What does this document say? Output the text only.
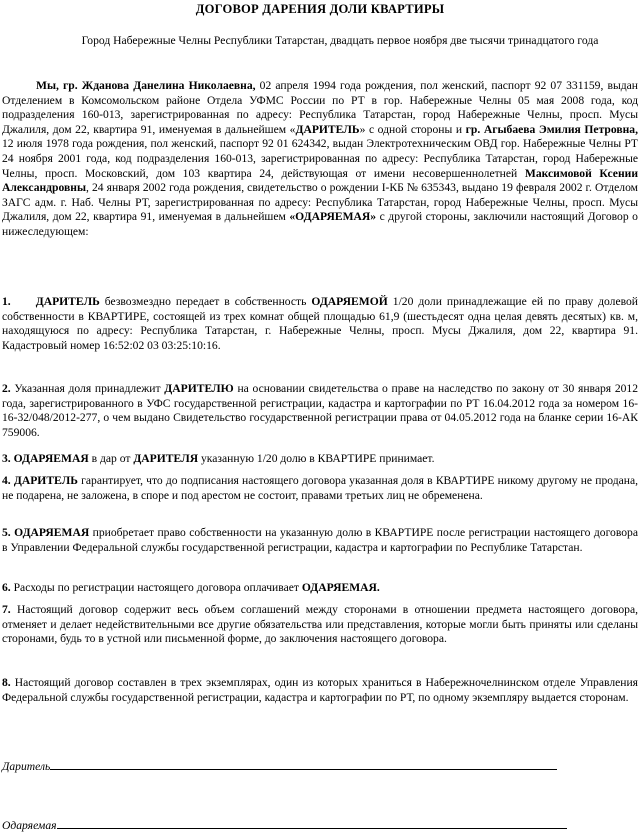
ДОГОВОР ДАРЕНИЯ ДОЛИ КВАРТИРЫ
Город Набережные Челны Республики Татарстан, двадцать первое ноября две тысячи тринадцатого года
Мы, гр. Жданова Данелина Николаевна, 02 апреля 1994 года рождения, пол женский, паспорт 92 07 331159, выдан Отделением в Комсомольском районе Отдела УФМС России по РТ в гор. Набережные Челны 05 мая 2008 года, код подразделения 160-013, зарегистрированная по адресу: Республика Татарстан, город Набережные Челны, просп. Мусы Джалиля, дом 22, квартира 91, именуемая в дальнейшем «ДАРИТЕЛЬ» с одной стороны и гр. Агыбаева Эмилия Петровна, 12 июля 1978 года рождения, пол женский, паспорт 92 01 624342, выдан Электротехническим ОВД гор. Набережные Челны РТ 24 ноября 2001 года, код подразделения 160-013, зарегистрированная по адресу: Республика Татарстан, город Набережные Челны, просп. Московский, дом 103 квартира 24, действующая от имени несовершеннолетней Максимовой Ксении Александровны, 24 января 2002 года рождения, свидетельство о рождении I-КБ № 635343, выдано 19 февраля 2002 г. Отделом ЗАГС адм. г. Наб. Челны РТ, зарегистрированная по адресу: Республика Татарстан, город Набережные Челны, просп. Мусы Джалиля, дом 22, квартира 91, именуемая в дальнейшем «ОДАРЯЕМАЯ» с другой стороны, заключили настоящий Договор о нижеследующем:
1. ДАРИТЕЛЬ безвозмездно передает в собственность ОДАРЯЕМОЙ 1/20 доли принадлежащие ей по праву долевой собственности в КВАРТИРЕ, состоящей из трех комнат общей площадью 61,9 (шестьдесят одна целая девять десятых) кв. м, находящуюся по адресу: Республика Татарстан, г. Набережные Челны, просп. Мусы Джалиля, дом 22, квартира 91. Кадастровый номер 16:52:02 03 03:25:10:16.
2. Указанная доля принадлежит ДАРИТЕЛЮ на основании свидетельства о праве на наследство по закону от 30 января 2012 года, зарегистрированного в УФС государственной регистрации, кадастра и картографии по РТ 16.04.2012 года за номером 16-16-32/048/2012-277, о чем выдано Свидетельство государственной регистрации права от 04.05.2012 года на бланке серии 16-АК 759006.
3. ОДАРЯЕМАЯ в дар от ДАРИТЕЛЯ указанную 1/20 долю в КВАРТИРЕ принимает.
4. ДАРИТЕЛЬ гарантирует, что до подписания настоящего договора указанная доля в КВАРТИРЕ никому другому не продана, не подарена, не заложена, в споре и под арестом не состоит, правами третьих лиц не обременена.
5. ОДАРЯЕМАЯ приобретает право собственности на указанную долю в КВАРТИРЕ после регистрации настоящего договора в Управлении Федеральной службы государственной регистрации, кадастра и картографии по Республике Татарстан.
6. Расходы по регистрации настоящего договора оплачивает ОДАРЯЕМАЯ.
7. Настоящий договор содержит весь объем соглашений между сторонами в отношении предмета настоящего договора, отменяет и делает недействительными все другие обязательства или представления, которые могли быть приняты или сделаны сторонами, будь то в устной или письменной форме, до заключения настоящего договора.
8. Настоящий договор составлен в трех экземплярах, один из которых храниться в Набережночелнинском отделе Управления Федеральной службы государственной регистрации, кадастра и картографии по РТ, по одному экземпляру выдается сторонам.
Даритель
Одаряемая
